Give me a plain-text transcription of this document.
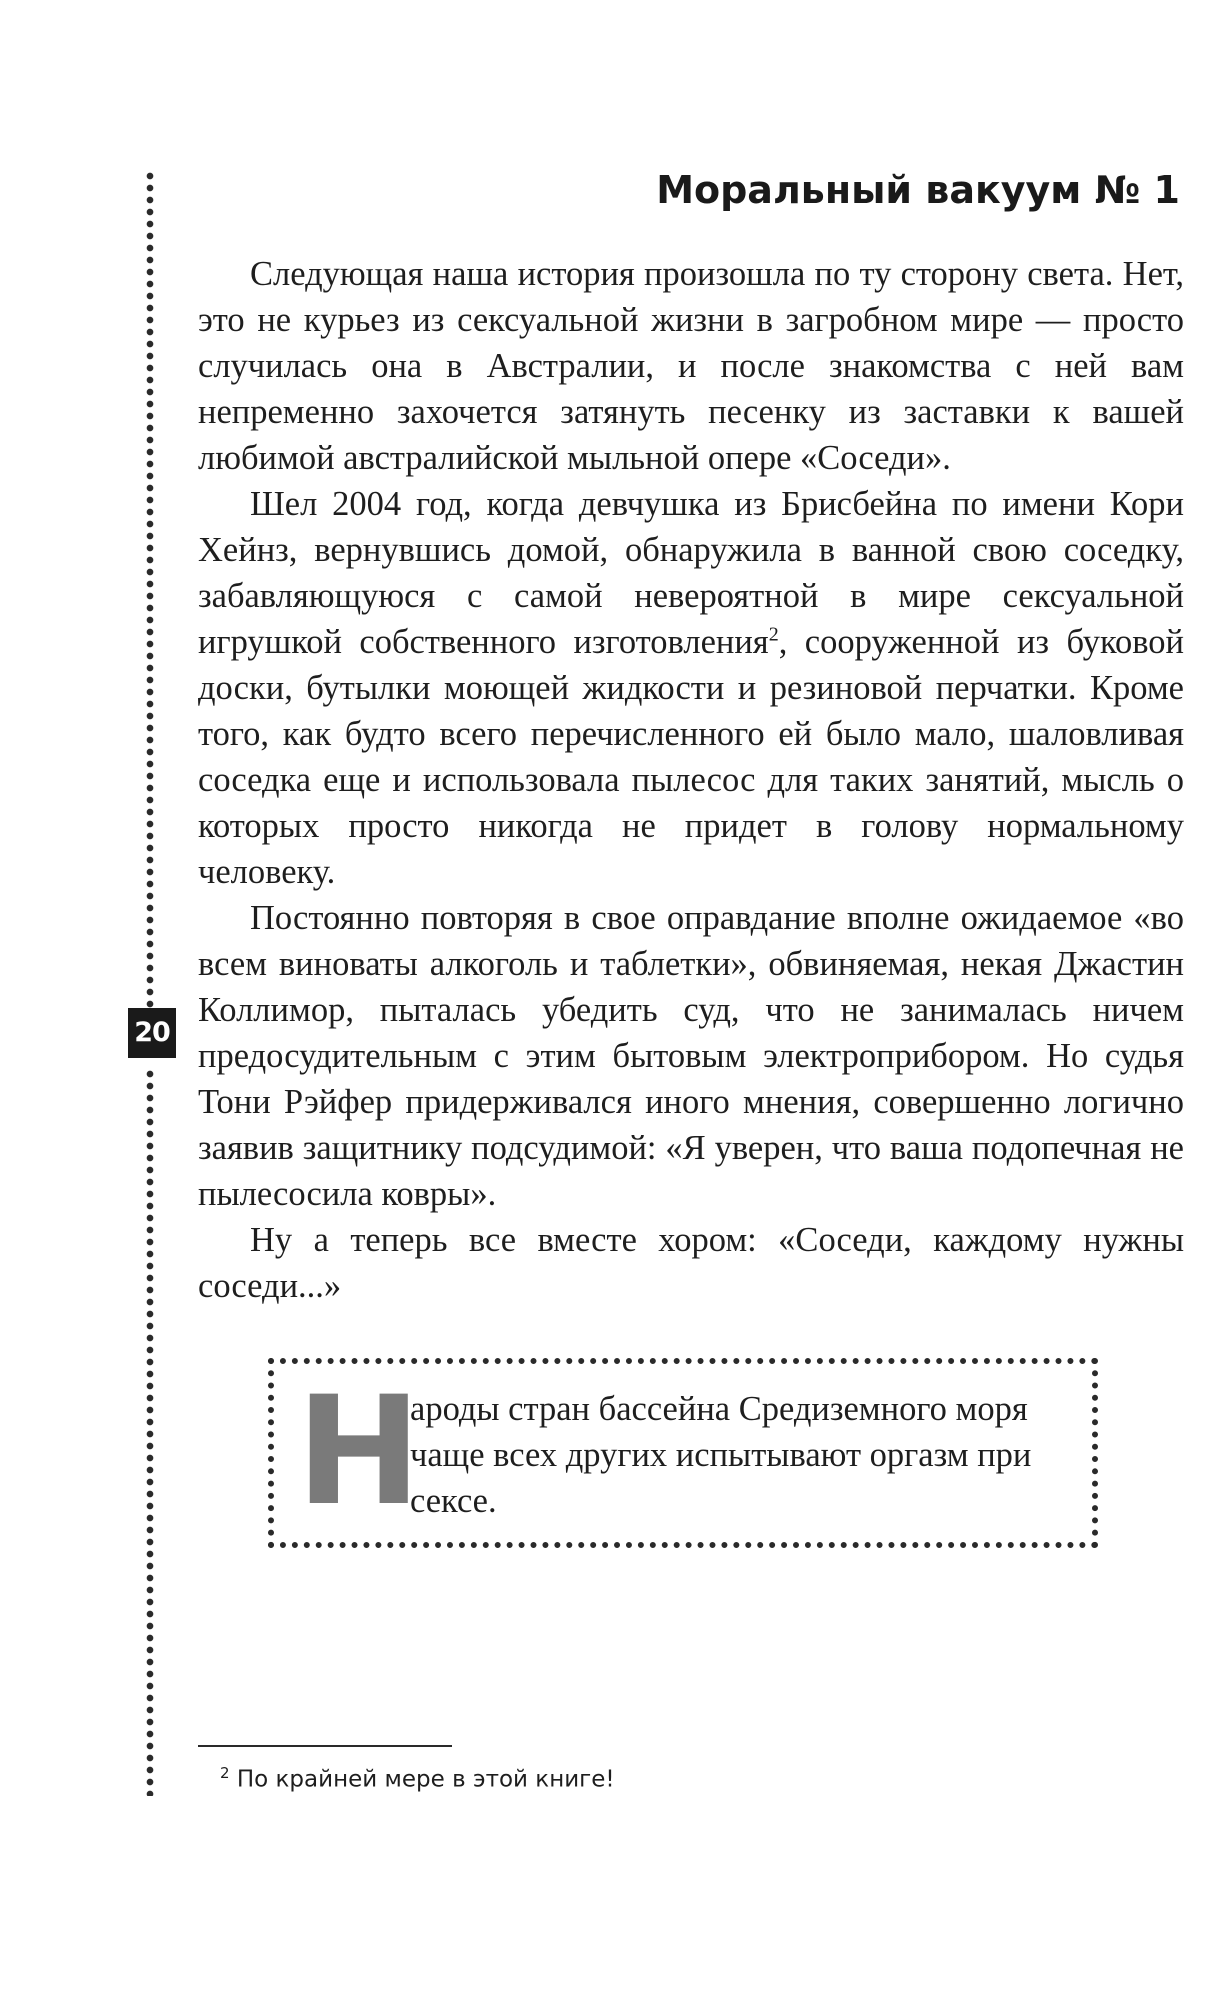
20
Моральный вакуум № 1

Следующая наша история произошла по ту сторону света. Нет, это не курьез из сексуальной жизни в загробном мире — просто случилась она в Австралии, и после знакомства с ней вам непременно захочется затянуть песенку из заставки к вашей любимой австралийской мыльной опере «Соседи».

Шел 2004 год, когда девчушка из Брисбейна по имени Кори Хейнз, вернувшись домой, обнаружила в ванной свою соседку, забавляющуюся с самой невероятной в мире сексуальной игрушкой собственного изготовления$^2$, сооруженной из буковой доски, бутылки моющей жидкости и резиновой перчатки. Кроме того, как будто всего перечисленного ей было мало, шаловливая соседка еще и использовала пылесос для таких занятий, мысль о которых просто никогда не придет в голову нормальному человеку.

Постоянно повторяя в свое оправдание вполне ожидаемое «во всем виноваты алкоголь и таблетки», обвиняемая, некая Джастин Коллимор, пыталась убедить суд, что не занималась ничем предосудительным с этим бытовым электроприбором. Но судья Тони Рэйфер придерживался иного мнения, совершенно логично заявив защитнику подсудимой: «Я уверен, что ваша подопечная не пылесосила ковры».

Ну а теперь все вместе хором: «Соседи, каждому нужны соседи...»

Н
ароды стран бассейна Средиземного моря чаще всех других испытывают оргазм при сексе.
$^2$ По крайней мере в этой книге!
